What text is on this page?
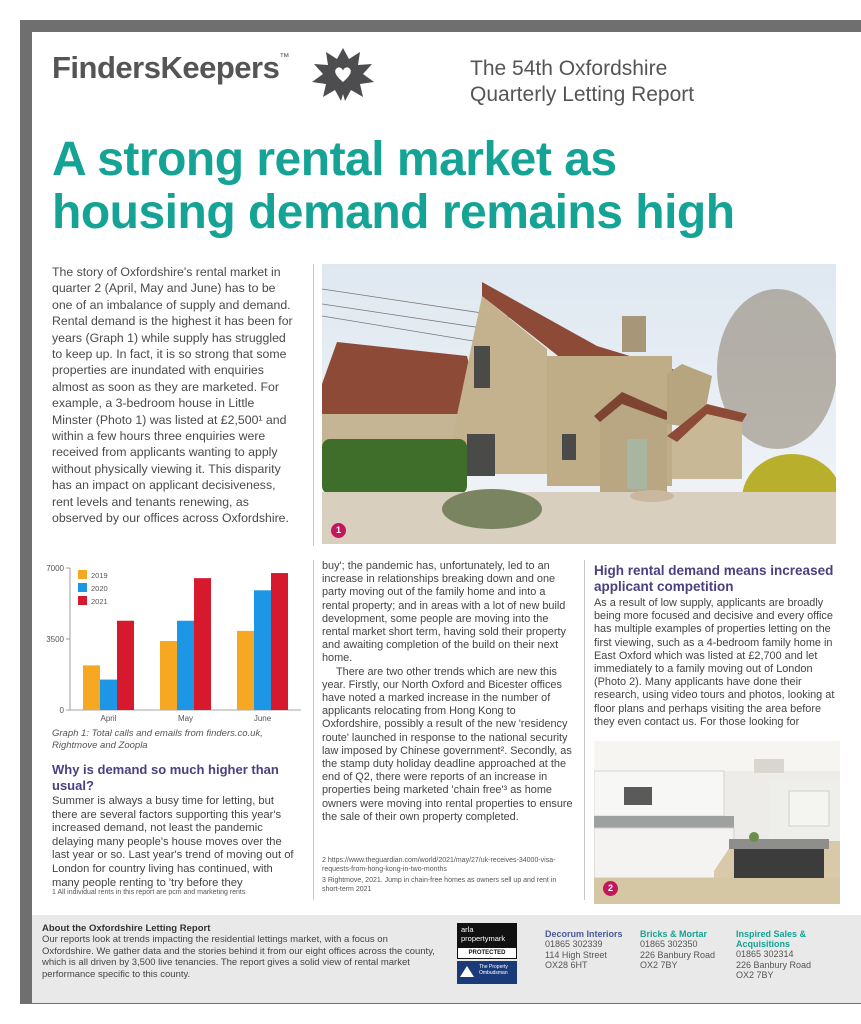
FindersKeepers™	The 54th Oxfordshire
Quarterly Letting Report
A strong rental market as
housing demand remains high
The story of Oxfordshire's rental market in quarter 2 (April, May and June) has to be one of an imbalance of supply and demand. Rental demand is the highest it has been for years (Graph 1) while supply has struggled to keep up. In fact, it is so strong that some properties are inundated with enquiries almost as soon as they are marketed. For example, a 3-bedroom house in Little Minster (Photo 1) was listed at £2,500¹ and within a few hours three enquiries were received from applicants wanting to apply without physically viewing it. This disparity has an impact on applicant decisiveness, rent levels and tenants renewing, as observed by our offices across Oxfordshire.
7000
3500
0
April	May	June
2019
2020
2021
Graph 1: Total calls and emails from finders.co.uk, Rightmove and Zoopla
Why is demand so much higher than usual?
Summer is always a busy time for letting, but there are several factors supporting this year's increased demand, not least the pandemic delaying many people's house moves over the last year or so. Last year's trend of moving out of London for country living has continued, with many people renting to 'try before they
1 All individual rents in this report are pcm and marketing rents
1
buy'; the pandemic has, unfortunately, led to an increase in relationships breaking down and one party moving out of the family home and into a rental property; and in areas with a lot of new build development, some people are moving into the rental market short term, having sold their property and awaiting completion of the build on their next home.
There are two other trends which are new this year. Firstly, our North Oxford and Bicester offices have noted a marked increase in the number of applicants relocating from Hong Kong to Oxfordshire, possibly a result of the new 'residency route' launched in response to the national security law imposed by Chinese government². Secondly, as the stamp duty holiday deadline approached at the end of Q2, there were reports of an increase in properties being marketed 'chain free'³ as home owners were moving into rental properties to ensure the sale of their own property completed.
2 https://www.theguardian.com/world/2021/may/27/uk-receives-34000-visa-requests-from-hong-kong-in-two-months
3 Rightmove, 2021. Jump in chain-free homes as owners sell up and rent in short-term 2021
High rental demand means increased applicant competition
As a result of low supply, applicants are broadly being more focused and decisive and every office has multiple examples of properties letting on the first viewing, such as a 4-bedroom family home in East Oxford which was listed at £2,700 and let immediately to a family moving out of London (Photo 2). Many applicants have done their research, using video tours and photos, looking at floor plans and perhaps visiting the area before they even contact us. For those looking for
2
About the Oxfordshire Letting Report
Our reports look at trends impacting the residential lettings market, with a focus on Oxfordshire. We gather data and the stories behind it from our eight offices across the county, which is all driven by 3,500 live tenancies. The report gives a solid view of rental market performance specific to this county.
arla
propertymark
PROTECTED
The Property
Ombudsman
Decorum Interiors
01865 302339
114 High Street
OX28 6HT
Bricks & Mortar
01865 302350
226 Banbury Road
OX2 7BY
Inspired Sales & Acquisitions
01865 302314
226 Banbury Road
OX2 7BY
